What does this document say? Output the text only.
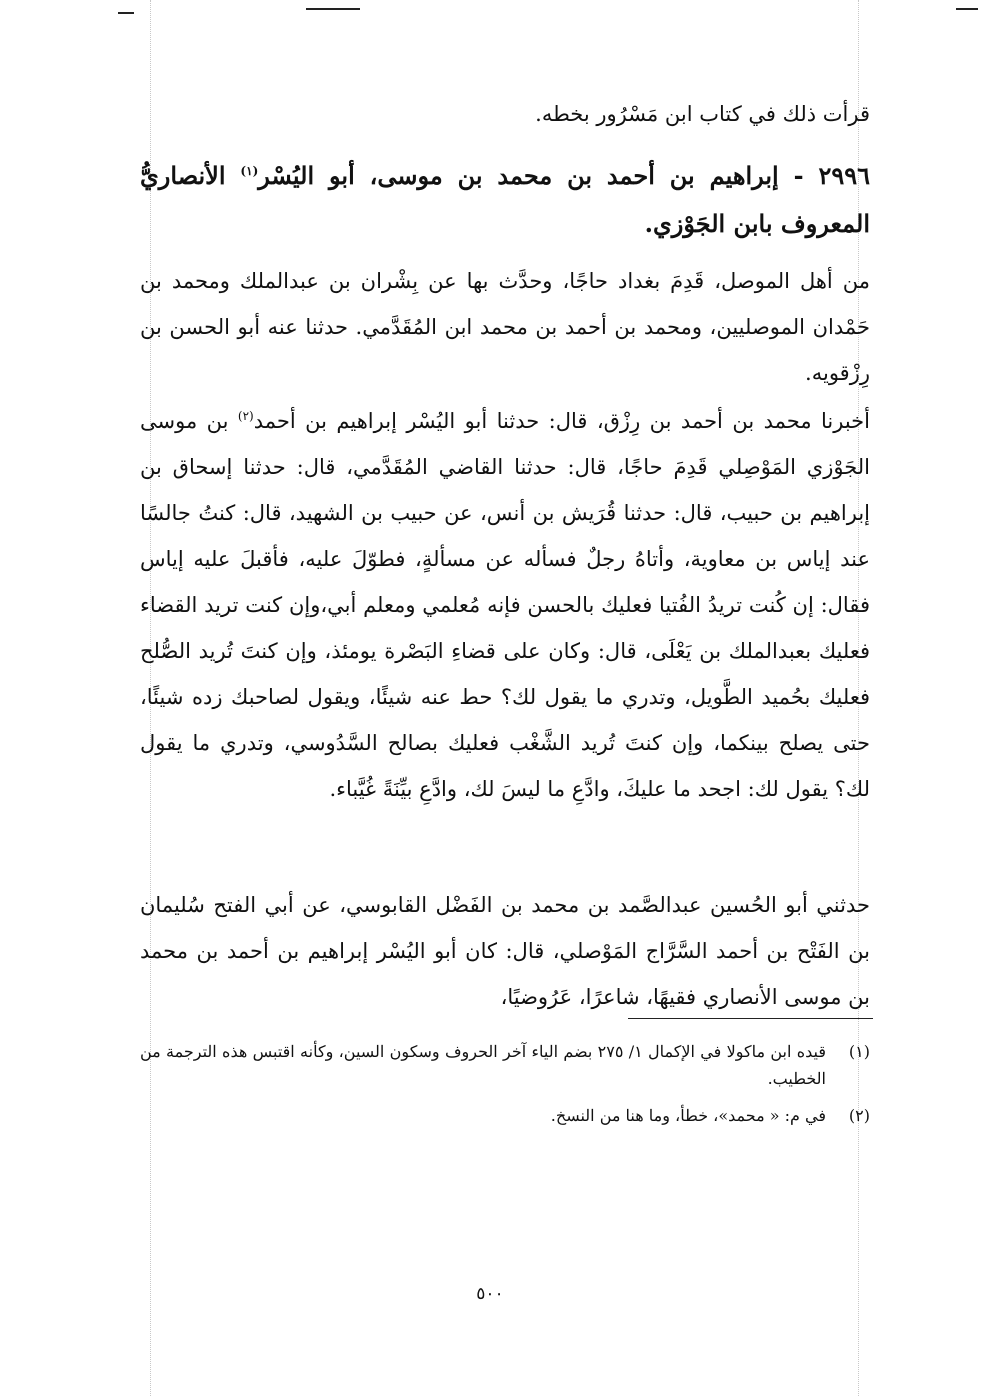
قرأت ذلك في كتاب ابن مَسْرُور بخطه.
٢٩٩٦ - إبراهيم بن أحمد بن محمد بن موسى، أبو اليُسْر$^{(١)}$ الأنصاريُّ المعروف بابن الجَوْزي.
من أهل الموصل، قَدِمَ بغداد حاجًا، وحدَّث بها عن بِشْران بن عبدالملك ومحمد بن حَمْدان الموصليين، ومحمد بن أحمد بن محمد ابن المُقَدَّمي. حدثنا عنه أبو الحسن بن رِزْقويه.
أخبرنا محمد بن أحمد بن رِزْق، قال: حدثنا أبو اليُسْر إبراهيم بن أحمد$^{(٢)}$ بن موسى الجَوْزي المَوْصِلي قَدِمَ حاجًا، قال: حدثنا القاضي المُقَدَّمي، قال: حدثنا إسحاق بن إبراهيم بن حبيب، قال: حدثنا قُرَيش بن أنس، عن حبيب بن الشهيد، قال: كنتُ جالسًا عند إياس بن معاوية، وأتاهُ رجلٌ فسأله عن مسألةٍ، فطوّلَ عليه، فأقبلَ عليه إياس فقال: إن كُنت تريدُ الفُتيا فعليك بالحسن فإنه مُعلمي ومعلم أبي،وإن كنت تريد القضاء فعليك بعبدالملك بن يَعْلَى، قال: وكان على قضاءِ البَصْرة يومئذ، وإن كنتَ تُريد الصُّلح فعليك بحُميد الطَّويل، وتدري ما يقول لك؟ حط عنه شيئًا، ويقول لصاحبك زده شيئًا، حتى يصلح بينكما، وإن كنتَ تُريد الشَّغْب فعليك بصالح السَّدُوسي، وتدري ما يقول لك؟ يقول لك: اجحد ما عليكَ، وادَّعِ ما ليسَ لك، وادَّعِ بيِّنَةً غُيَّباء.
حدثني أبو الحُسين عبدالصَّمد بن محمد بن الفَضْل القابوسي، عن أبي الفتح سُليمان بن الفَتْح بن أحمد السَّرَّاج المَوْصلي، قال: كان أبو اليُسْر إبراهيم بن أحمد بن محمد بن موسى الأنصاري فقيهًا، شاعرًا، عَرُوضيًا،
(١)
قيده ابن ماكولا في الإكمال ١/ ٢٧٥ بضم الياء آخر الحروف وسكون السين، وكأنه اقتبس هذه الترجمة من الخطيب.
(٢)
في م: « محمد»، خطأ، وما هنا من النسخ.
٥٠٠
